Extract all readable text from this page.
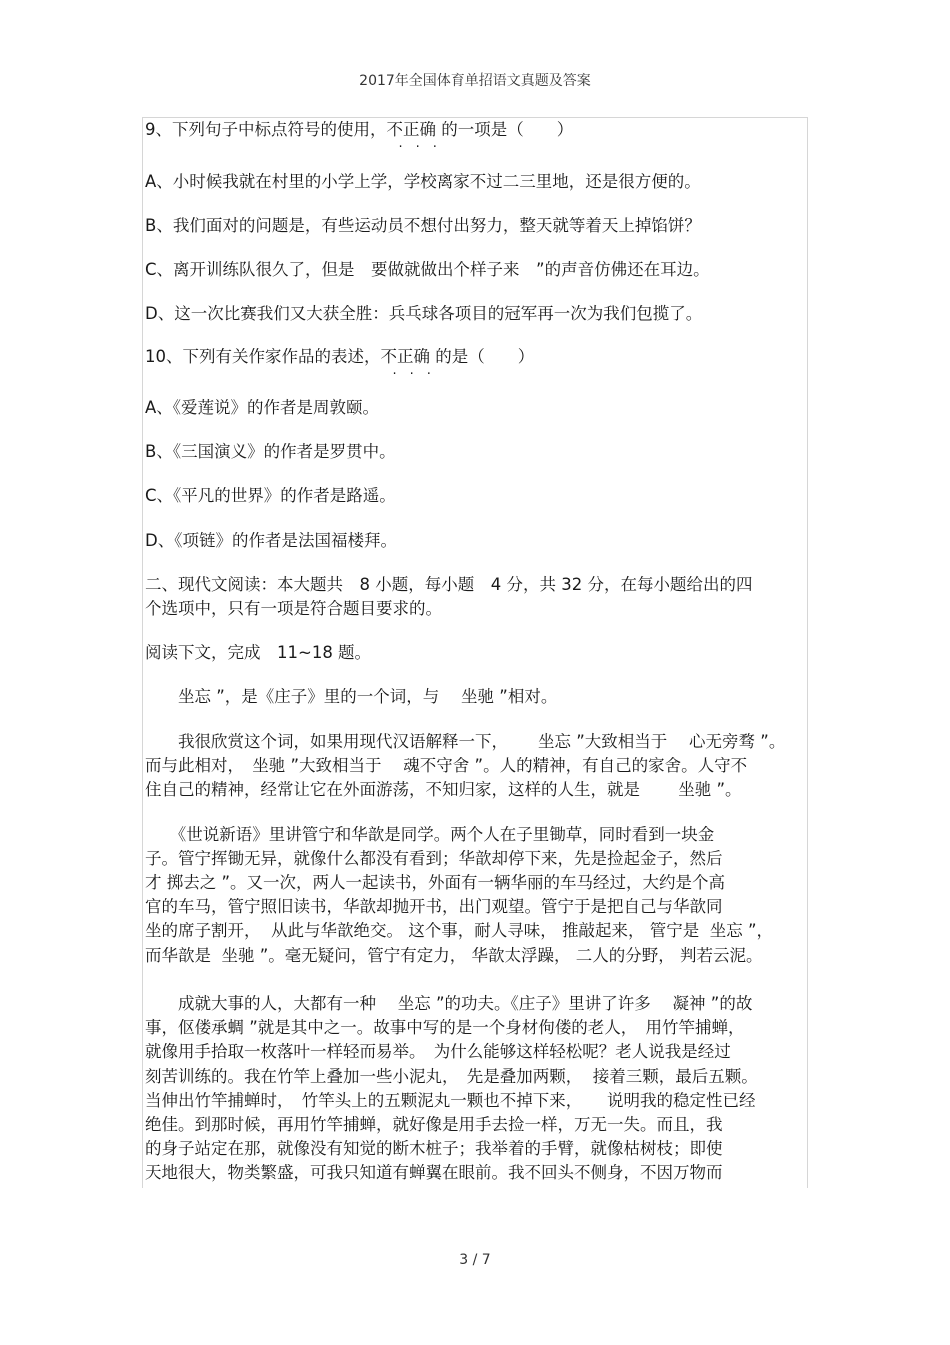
2017年全国体育单招语文真题及答案
9、下列句子中标点符号的使用，不正确 · · · 的一项是（　　）
A、小时候我就在村里的小学上学，学校离家不过二三里地，还是很方便的。
B、我们面对的问题是，有些运动员不想付出努力，整天就等着天上掉馅饼？
C、离开训练队很久了，但是　要做就做出个样子来　”的声音仿佛还在耳边。
D、这一次比赛我们又大获全胜：兵乓球各项目的冠军再一次为我们包揽了。
10、下列有关作家作品的表述，不正确 · · · 的是（　　）
A、《爱莲说》的作者是周敦颐。
B、《三国演义》的作者是罗贯中。
C、《平凡的世界》的作者是路遥。
D、《项链》的作者是法国福楼拜。
二、现代文阅读：本大题共　8 小题，每小题　4 分，共 32 分，在每小题给出的四
个选项中，只有一项是符合题目要求的。
阅读下文，完成　11~18 题。
　　坐忘 ”，是《庄子》里的一个词，与　 坐驰 ”相对。
　　我很欣赏这个词，如果用现代汉语解释一下，　　 坐忘 ”大致相当于　 心无旁骛 ”。
而与此相对，　坐驰 ”大致相当于　 魂不守舍 ”。人的精神，有自己的家舍。人守不
住自己的精神，经常让它在外面游荡，不知归家，这样的人生，就是　　 坐驰 ”。
　　《世说新语》里讲管宁和华歆是同学。两个人在子里锄草，同时看到一块金
子。管宁挥锄无异，就像什么都没有看到；华歆却停下来，先是捡起金子，然后
才 掷去之 ”。又一次，两人一起读书，外面有一辆华丽的车马经过，大约是个高
官的车马，管宁照旧读书，华歆却抛开书，出门观望。管宁于是把自己与华歆同
坐的席子割开，  从此与华歆绝交。 这个事，耐人寻味， 推敲起来， 管宁是  坐忘 ”，
而华歆是  坐驰 ”。毫无疑问，管宁有定力， 华歆太浮躁， 二人的分野， 判若云泥。
　　成就大事的人，大都有一种　 坐忘 ”的功夫。《庄子》里讲了许多　 凝神 ”的故
事，伛偻承蜩 ”就是其中之一。故事中写的是一个身材佝偻的老人，　用竹竿捕蝉，
就像用手拾取一枚落叶一样轻而易举。　为什么能够这样轻松呢？老人说我是经过
刻苦训练的。我在竹竿上叠加一些小泥丸，　先是叠加两颗，  接着三颗，最后五颗。
当伸出竹竿捕蝉时，　竹竿头上的五颗泥丸一颗也不掉下来，　　说明我的稳定性已经
绝佳。到那时候，再用竹竿捕蝉，就好像是用手去捡一样，万无一失。而且，我
的身子站定在那，就像没有知觉的断木桩子；我举着的手臂，就像枯树枝；即使
天地很大，物类繁盛，可我只知道有蝉翼在眼前。我不回头不侧身，不因万物而
3 / 7
